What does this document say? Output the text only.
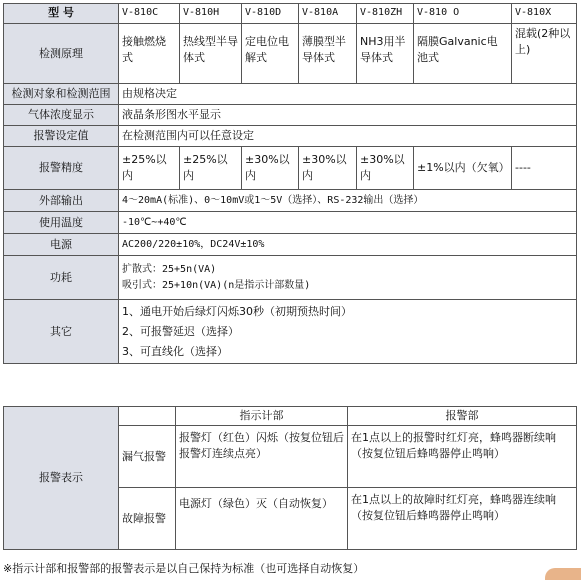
型 号	V-810C	V-810H	V-810D	V-810A	V-810ZH	V-810 O	V-810X
检测原理	接触燃烧式	热线型半导体式	定电位电解式	薄膜型半导体式	NH3用半导体式	隔膜Galvanic电池式	混载(2种以上)
检测对象和检测范围	由规格决定						
气体浓度显示	液晶条形图水平显示						
报警设定值	在检测范围内可以任意设定						
报警精度	±25%以内	±25%以内	±30%以内	±30%以内	±30%以内	±1%以内（欠氧）	----
外部输出	4～20mA(标准)、0～10mV或1～5V（选择）、RS-232输出（选择）						
使用温度	-10℃~+40℃						
电源	AC200/220±10%，DC24V±10%						
功耗	扩散式：25+5n(VA)
吸引式：25+10n(VA)(n是指示计部数量)						

其它	1、通电开始后绿灯闪烁30秒（初期预热时间）
2、可报警延迟（选择）
3、可直线化（选择）						
报警表示		指示计部	报警部
	漏气报警	报警灯（红色）闪烁（按复位钮后报警灯连续点亮）	在1点以上的报警时红灯亮，蜂鸣器断续响（按复位钮后蜂鸣器停止鸣响）
	故障报警	电源灯（绿色）灭（自动恢复）	在1点以上的故障时红灯亮，蜂鸣器连续响（按复位钮后蜂鸣器停止鸣响）
※指示计部和报警部的报警表示是以自己保持为标准（也可选择自动恢复）
